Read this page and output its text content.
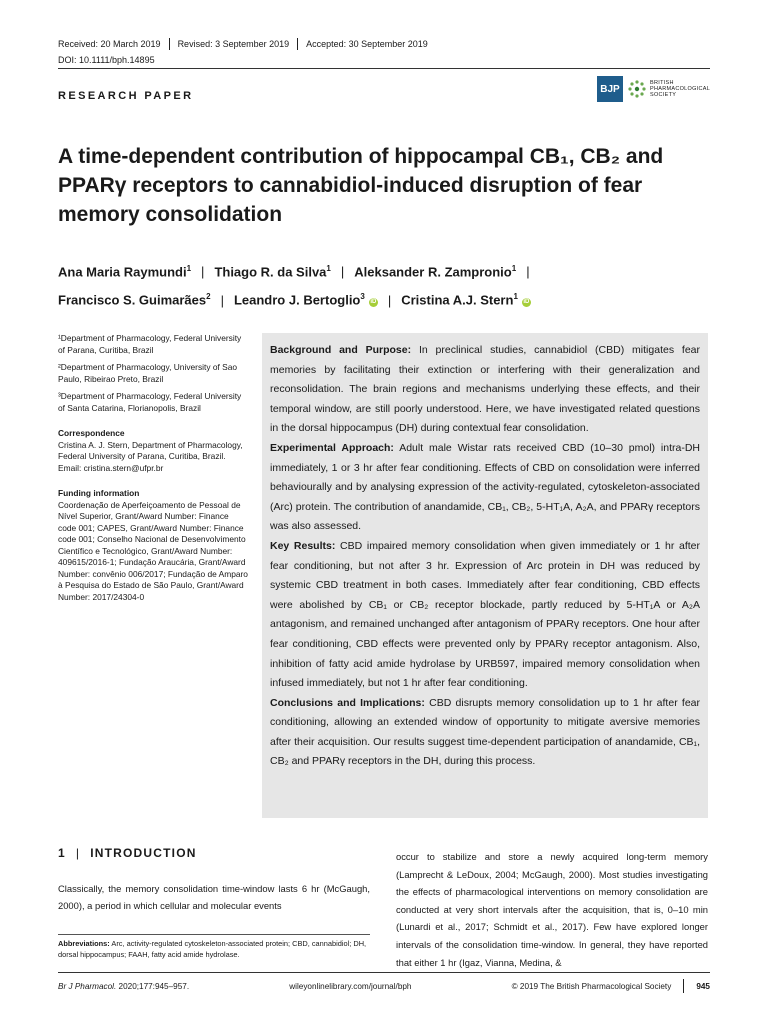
Received: 20 March 2019 Revised: 3 September 2019 Accepted: 30 September 2019
DOI: 10.1111/bph.14895
RESEARCH PAPER
BJP
BRITISH
PHARMACOLOGICAL
SOCIETY
A time-dependent contribution of hippocampal CB₁, CB₂ and PPARγ receptors to cannabidiol-induced disruption of fear memory consolidation
Ana Maria Raymundi$^1$ | Thiago R. da Silva$^1$ | Aleksander R. Zampronio$^1$ |
Francisco S. Guimarães$^2$ | Leandro J. Bertoglio$^3$iD | Cristina A.J. Stern$^1$iD

¹Department of Pharmacology, Federal University of Parana, Curitiba, Brazil

²Department of Pharmacology, University of Sao Paulo, Ribeirao Preto, Brazil

³Department of Pharmacology, Federal University of Santa Catarina, Florianopolis, Brazil

Correspondence

Cristina A. J. Stern, Department of Pharmacology, Federal University of Parana, Curitiba, Brazil.

Email: cristina.stern@ufpr.br

Funding information

Coordenação de Aperfeiçoamento de Pessoal de Nível Superior, Grant/Award Number: Finance code 001; CAPES, Grant/Award Number: Finance code 001; Conselho Nacional de Desenvolvimento Científico e Tecnológico, Grant/Award Number: 409615/2016-1; Fundação Araucária, Grant/Award Number: convênio 006/2017; Fundação de Amparo à Pesquisa do Estado de São Paulo, Grant/Award Number: 2017/24304-0

Background and Purpose: In preclinical studies, cannabidiol (CBD) mitigates fear memories by facilitating their extinction or interfering with their generalization and reconsolidation. The brain regions and mechanisms underlying these effects, and their temporal window, are still poorly understood. Here, we have investigated related questions in the dorsal hippocampus (DH) during contextual fear consolidation.

Experimental Approach: Adult male Wistar rats received CBD (10–30 pmol) intra-DH immediately, 1 or 3 hr after fear conditioning. Effects of CBD on consolidation were inferred behaviourally and by analysing expression of the activity-regulated, cytoskeleton-associated (Arc) protein. The contribution of anandamide, CB₁, CB₂, 5-HT₁A, A₂A, and PPARγ receptors was also assessed.

Key Results: CBD impaired memory consolidation when given immediately or 1 hr after fear conditioning, but not after 3 hr. Expression of Arc protein in DH was reduced by systemic CBD treatment in both cases. Immediately after fear conditioning, CBD effects were abolished by CB₁ or CB₂ receptor blockade, partly reduced by 5-HT₁A or A₂A antagonism, and remained unchanged after antagonism of PPARγ receptors. One hour after fear conditioning, CBD effects were prevented only by PPARγ receptor antagonism. Also, inhibition of fatty acid amide hydrolase by URB597, impaired memory consolidation when infused immediately, but not 1 hr after fear conditioning.

Conclusions and Implications: CBD disrupts memory consolidation up to 1 hr after fear conditioning, allowing an extended window of opportunity to mitigate aversive memories after their acquisition. Our results suggest time-dependent participation of anandamide, CB₁, CB₂ and PPARγ receptors in the DH, during this process.

1 | INTRODUCTION

Classically, the memory consolidation time-window lasts 6 hr (McGaugh, 2000), a period in which cellular and molecular events

occur to stabilize and store a newly acquired long-term memory (Lamprecht & LeDoux, 2004; McGaugh, 2000). Most studies investigating the effects of pharmacological interventions on memory consolidation are conducted at very short intervals after the acquisition, that is, 0–10 min (Lunardi et al., 2017; Schmidt et al., 2017). Few have explored longer intervals of the consolidation time-window. In general, they have reported that either 1 hr (Igaz, Vianna, Medina, &

Abbreviations: Arc, activity-regulated cytoskeleton-associated protein; CBD, cannabidiol; DH, dorsal hippocampus; FAAH, fatty acid amide hydrolase.

Br J Pharmacol. 2020;177:945–957.	wileyonlinelibrary.com/journal/bph	© 2019 The British Pharmacological Society	945
